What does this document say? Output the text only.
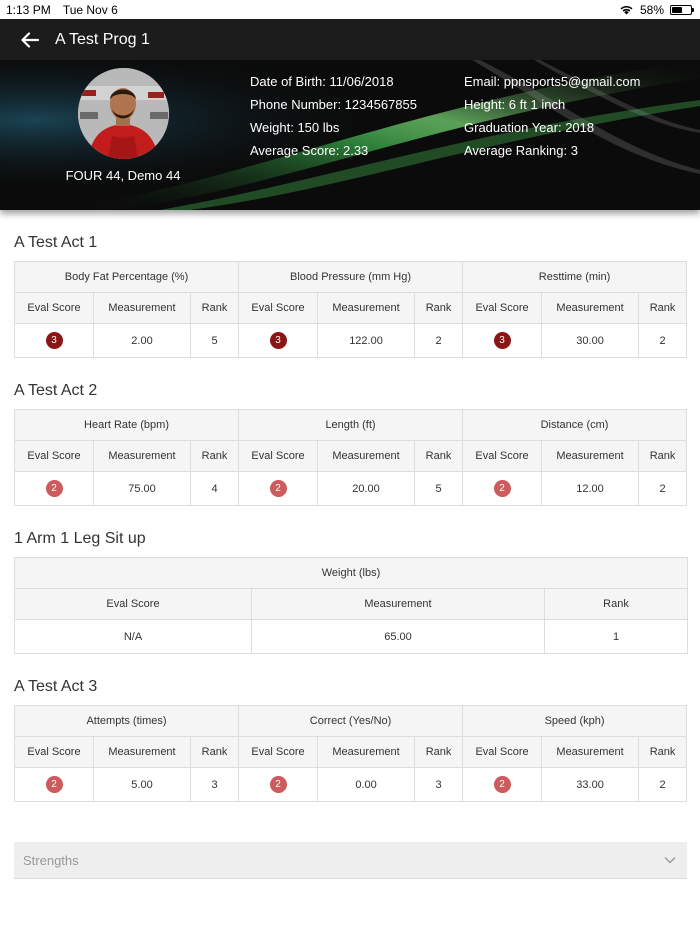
1:13 PM Tue Nov 6	58%
A Test Prog 1
FOUR 44, Demo 44
Date of Birth: 11/06/2018
Phone Number: 1234567855
Weight: 150 lbs
Average Score: 2.33
Email: ppnsports5@gmail.com
Height: 6 ft 1 inch
Graduation Year: 2018
Average Ranking: 3
A Test Act 1
Body Fat Percentage (%)			Blood Pressure (mm Hg)			Resttime (min)		
Eval Score	Measurement	Rank	Eval Score	Measurement	Rank	Eval Score	Measurement	Rank
3	2.00	5	3	122.00	2	3	30.00	2
A Test Act 2
Heart Rate (bpm)			Length (ft)			Distance (cm)		
Eval Score	Measurement	Rank	Eval Score	Measurement	Rank	Eval Score	Measurement	Rank
2	75.00	4	2	20.00	5	2	12.00	2
1 Arm 1 Leg Sit up
Weight (lbs)		
Eval Score	Measurement	Rank
N/A	65.00	1
A Test Act 3
Attempts (times)			Correct (Yes/No)			Speed (kph)		
Eval Score	Measurement	Rank	Eval Score	Measurement	Rank	Eval Score	Measurement	Rank
2	5.00	3	2	0.00	3	2	33.00	2
Strengths
